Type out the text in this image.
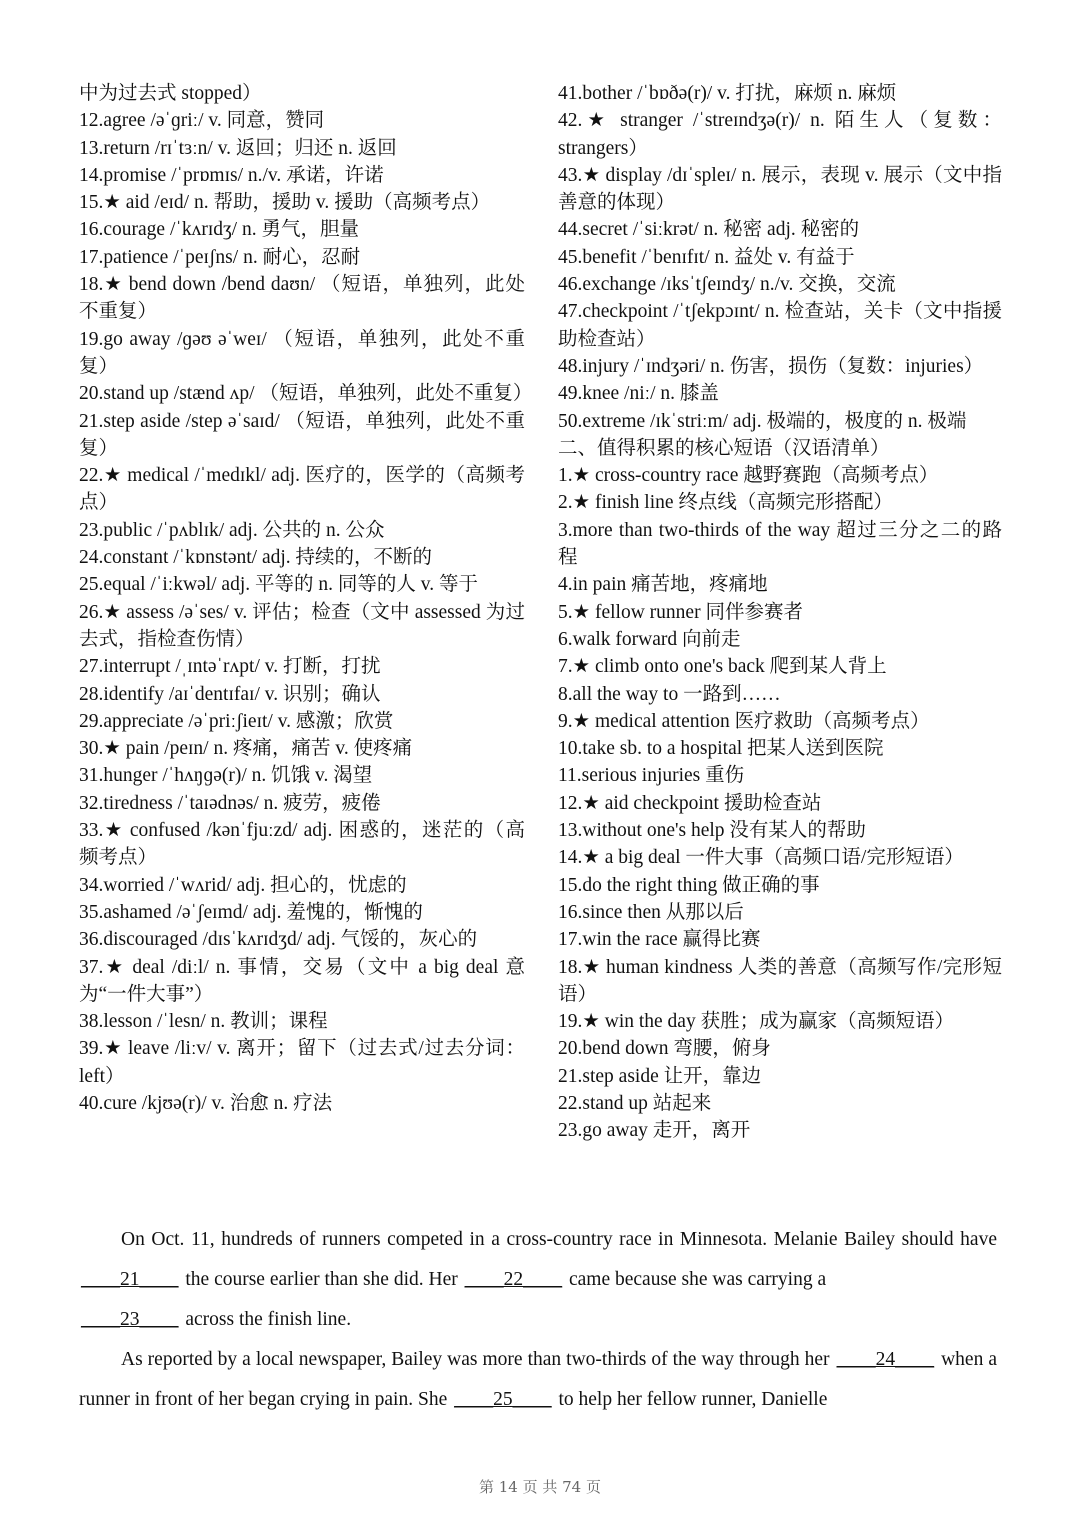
中为过去式 stopped）

12.agree /əˈɡriː/ v. 同意，赞同

13.return /rɪˈtɜːn/ v. 返回；归还 n. 返回

14.promise /ˈprɒmɪs/ n./v. 承诺，许诺

15.★ aid /eɪd/ n. 帮助，援助 v. 援助（高频考点）

16.courage /ˈkʌrɪdʒ/ n. 勇气，胆量

17.patience /ˈpeɪʃns/ n. 耐心，忍耐

18.★ bend down /bend daʊn/ （短语，单独列，此处不重复）

19.go away /ɡəʊ əˈweɪ/ （短语，单独列，此处不重复）

20.stand up /stænd ʌp/ （短语，单独列，此处不重复）

21.step aside /step əˈsaɪd/ （短语，单独列，此处不重复）

22.★ medical /ˈmedɪkl/ adj. 医疗的，医学的（高频考点）

23.public /ˈpʌblɪk/ adj. 公共的 n. 公众

24.constant /ˈkɒnstənt/ adj. 持续的，不断的

25.equal /ˈiːkwəl/ adj. 平等的 n. 同等的人 v. 等于

26.★ assess /əˈses/ v. 评估；检查（文中 assessed 为过去式，指检查伤情）

27.interrupt /ˌɪntəˈrʌpt/ v. 打断，打扰

28.identify /aɪˈdentɪfaɪ/ v. 识别；确认

29.appreciate /əˈpriːʃieɪt/ v. 感激；欣赏

30.★ pain /peɪn/ n. 疼痛，痛苦 v. 使疼痛

31.hunger /ˈhʌŋɡə(r)/ n. 饥饿 v. 渴望

32.tiredness /ˈtaɪədnəs/ n. 疲劳，疲倦

33.★ confused /kənˈfjuːzd/ adj. 困惑的，迷茫的（高频考点）

34.worried /ˈwʌrid/ adj. 担心的，忧虑的

35.ashamed /əˈʃeɪmd/ adj. 羞愧的，惭愧的

36.discouraged /dɪsˈkʌrɪdʒd/ adj. 气馁的，灰心的

37.★ deal /diːl/ n. 事情，交易（文中 a big deal 意为“一件大事”）

38.lesson /ˈlesn/ n. 教训；课程

39.★ leave /liːv/ v. 离开；留下（过去式/过去分词：left）

40.cure /kjʊə(r)/ v. 治愈 n. 疗法

41.bother /ˈbɒðə(r)/ v. 打扰，麻烦 n. 麻烦

42.★ stranger /ˈstreɪndʒə(r)/ n. 陌生人（复数：strangers）

43.★ display /dɪˈspleɪ/ n. 展示，表现 v. 展示（文中指善意的体现）

44.secret /ˈsiːkrət/ n. 秘密 adj. 秘密的

45.benefit /ˈbenɪfɪt/ n. 益处 v. 有益于

46.exchange /ɪksˈtʃeɪndʒ/ n./v. 交换，交流

47.checkpoint /ˈtʃekpɔɪnt/ n. 检查站，关卡（文中指援助检查站）

48.injury /ˈɪndʒəri/ n. 伤害，损伤（复数：injuries）

49.knee /niː/ n. 膝盖

50.extreme /ɪkˈstriːm/ adj. 极端的，极度的 n. 极端

二、值得积累的核心短语（汉语清单）

1.★ cross-country race 越野赛跑（高频考点）

2.★ finish line 终点线（高频完形搭配）

3.more than two-thirds of the way 超过三分之二的路程

4.in pain 痛苦地，疼痛地

5.★ fellow runner 同伴参赛者

6.walk forward 向前走

7.★ climb onto one's back 爬到某人背上

8.all the way to 一路到……

9.★ medical attention 医疗救助（高频考点）

10.take sb. to a hospital 把某人送到医院

11.serious injuries 重伤

12.★ aid checkpoint 援助检查站

13.without one's help 没有某人的帮助

14.★ a big deal 一件大事（高频口语/完形短语）

15.do the right thing 做正确的事

16.since then 从那以后

17.win the race 赢得比赛

18.★ human kindness 人类的善意（高频写作/完形短语）

19.★ win the day 获胜；成为赢家（高频短语）

20.bend down 弯腰，俯身

21.step aside 让开，靠边

22.stand up 站起来

23.go away 走开，离开

On Oct. 11, hundreds of runners competed in a cross-country race in Minnesota. Melanie Bailey should have ____21____ the course earlier than she did. Her ____22____ came because she was carrying a
____23____ across the finish line.

As reported by a local newspaper, Bailey was more than two-thirds of the way through her ____24____ when a runner in front of her began crying in pain. She ____25____ to help her fellow runner, Danielle

第 14 页 共 74 页
